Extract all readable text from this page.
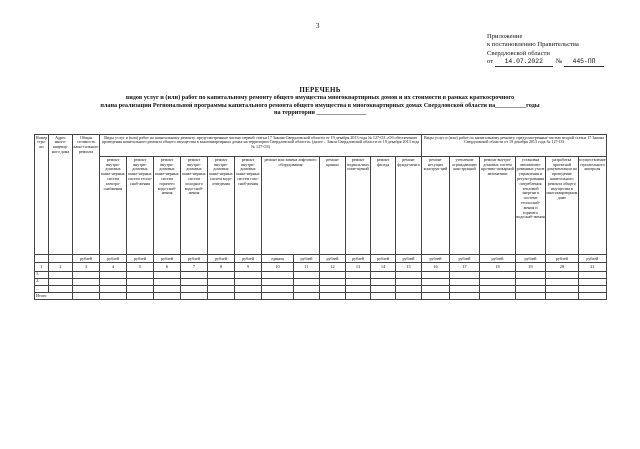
3
Приложение
к постановлению Правительства
Свердловской области
от 14.07.2022 № 445-ПП
ПЕРЕЧЕНЬ
видов услуг и (или) работ по капитальному ремонту общего имущества многоквартирных домов и их стоимости в рамках краткосрочного
плана реализации Региональной программы капитального ремонта общего имущества в многоквартирных домах Свердловской области на__________годы
на территории ________________
Номер стро-ки	Адрес много-квартир-ного дома	Общая стоимость капи-тального ремонта	Виды услуг и (или) работ по капитальному ремонту, предусмотренные частью первой статьи 17 Закона Свердловской области от 19 декабря 2013 года № 127-ОЗ «Об обеспечении проведения капитального ремонта общего имущества в многоквартирных домах на территории Свердловской области» (далее – Закон Свердловской области от 19 декабря 2013 года № 127-ОЗ)												Виды услуг и (или) работ по капитальному ремонту, предусмотренные частью второй статьи 17 Закона Свердловской области от 19 декабря 2013 года № 127-ОЗ					
			ремонт внутри-домовых инже-нерных систем электро-снабжения	ремонт внутри-домовых инже-нерных систем тепло-снаб-жения	ремонт внутри-домовых инже-нерных систем горячего водо-снаб-жения	ремонт внутри-домовых инже-нерных систем холодного водо-снаб-жения	ремонт внутри-домовых инже-нерных систем водо-отведения	ремонт внутри-домовых инже-нерных систем газо-снаб-жения	ремонт или замена лифтового оборудования		ремонт крыши	ремонт подваль-ных поме-щений	ремонт фасада	ремонт фунда-мента	ремонт несущих конструк-ций	утепление ограждающих конструкций	ремонт внутри-домовых систем противо-пожарной автоматики	установка автоматизи-рованных узлов управления и регули-рования потребления тепловой энергии в системе теплоснаб-жения и горячего водоснаб-жения	разработка проектной документации на проведение капитального ремонта общего имущества в многоквартирном доме	осуществление строительного контроля
		рублей	рублей	рублей	рублей	рублей	рублей	рублей	единиц	рублей	рублей	рублей	рублей	рублей	рублей	рублей	рублей	рублей	рублей	рублей
1	2	3	4	5	6	7	8	9	10	11	12	13	14	15	16	17	18	19	20	21
1.																				
2.																				
...																				
Итого																				
